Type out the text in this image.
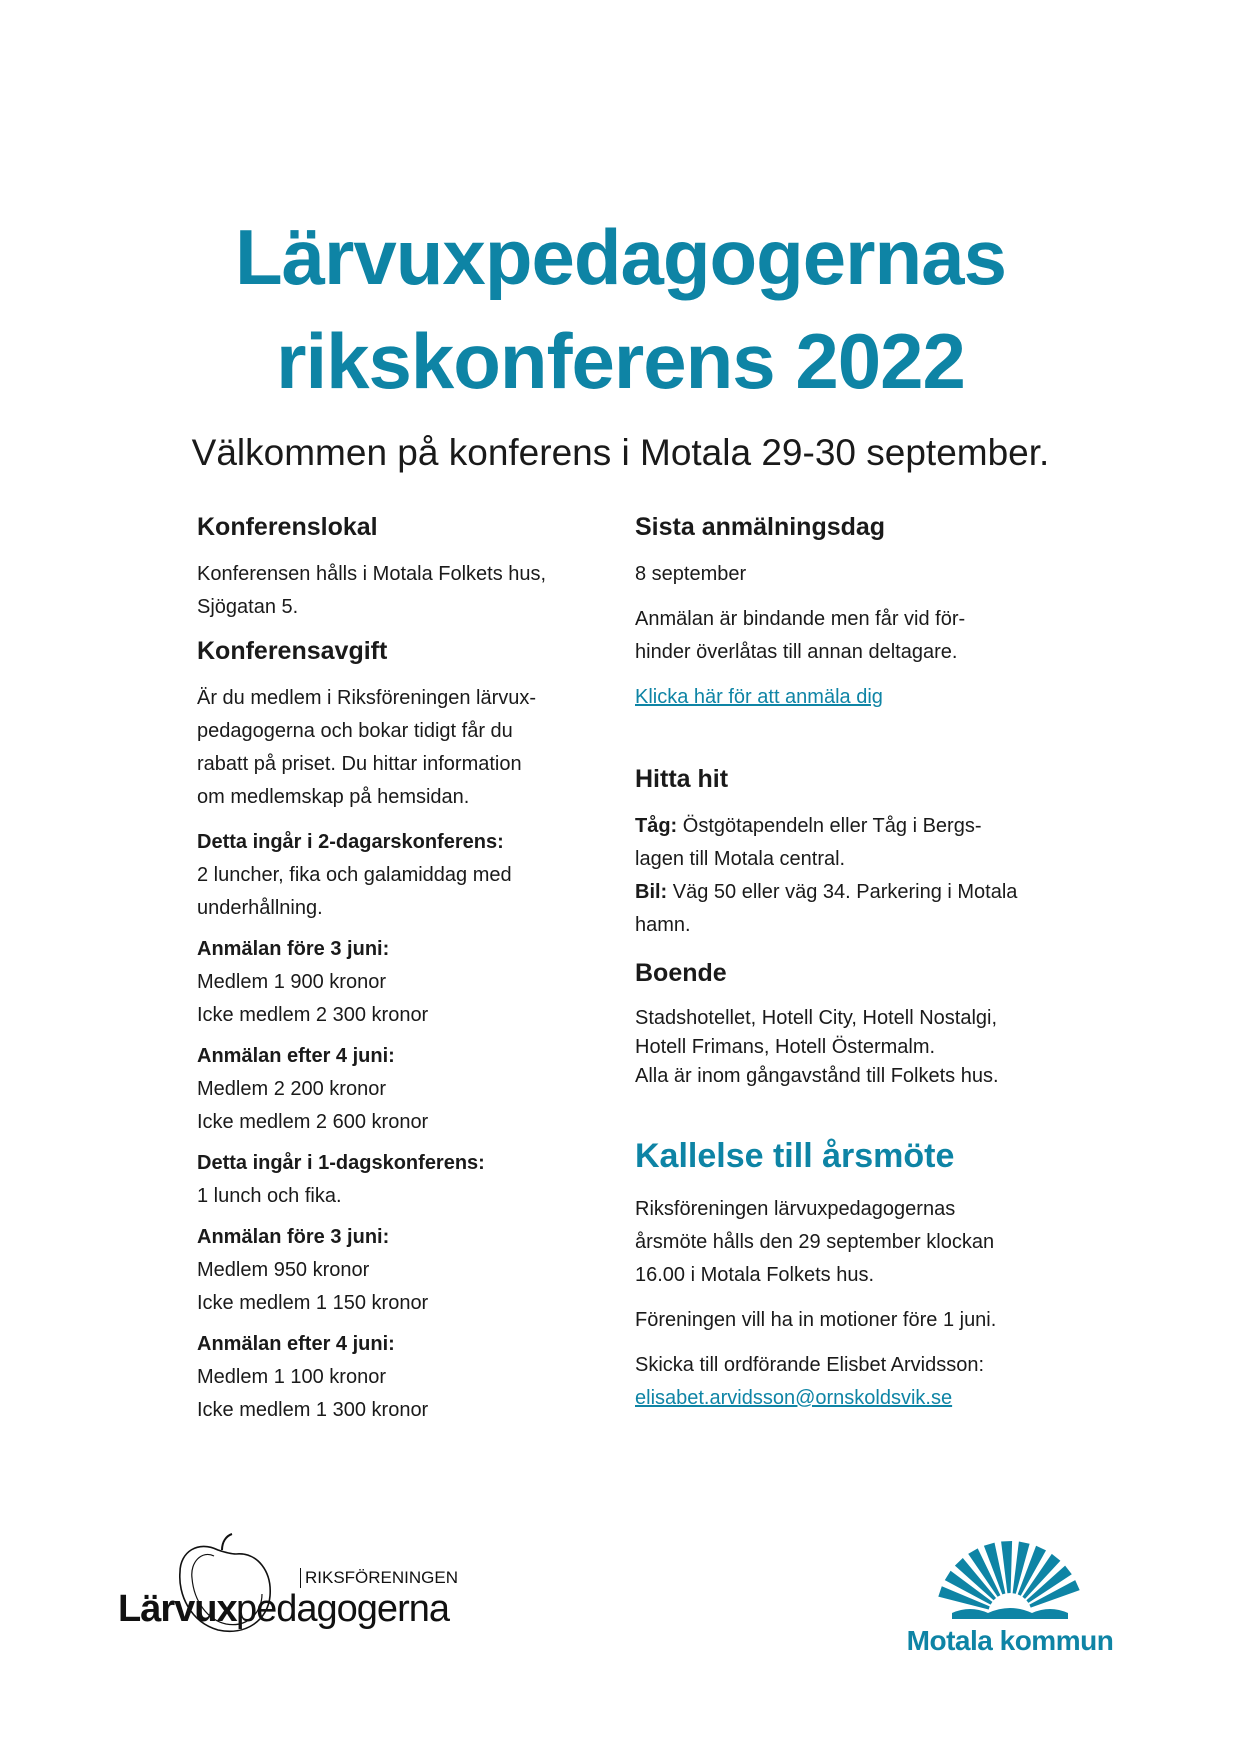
Lärvuxpedagogernas
rikskonferens 2022

Välkommen på konferens i Motala 29-30 september.

Konferenslokal

Konferensen hålls i Motala Folkets hus,

Sjögatan 5.

Konferensavgift

Är du medlem i Riksföreningen lärvux-

pedagogerna och bokar tidigt får du

rabatt på priset. Du hittar information

om medlemskap på hemsidan.

Detta ingår i 2-dagarskonferens:

2 luncher, fika och galamiddag med

underhållning.

Anmälan före 3 juni:

Medlem 1 900 kronor

Icke medlem 2 300 kronor

Anmälan efter 4 juni:

Medlem 2 200 kronor

Icke medlem 2 600 kronor

Detta ingår i 1-dagskonferens:

1 lunch och fika.

Anmälan före 3 juni:

Medlem 950 kronor

Icke medlem 1 150 kronor

Anmälan efter 4 juni:

Medlem 1 100 kronor

Icke medlem 1 300 kronor

Sista anmälningsdag

8 september

Anmälan är bindande men får vid för-

hinder överlåtas till annan deltagare.

Klicka här för att anmäla dig
Hitta hit

Tåg: Östgötapendeln eller Tåg i Bergs-

lagen till Motala central.

Bil: Väg 50 eller väg 34. Parkering i Motala

hamn.

Boende

Stadshotellet, Hotell City, Hotell Nostalgi,

Hotell Frimans, Hotell Östermalm.

Alla är inom gångavstånd till Folkets hus.

Kallelse till årsmöte

Riksföreningen lärvuxpedagogernas

årsmöte hålls den 29 september klockan

16.00 i Motala Folkets hus.

Föreningen vill ha in motioner före 1 juni.

Skicka till ordförande Elisbet Arvidsson:

elisabet.arvidsson@ornskoldsvik.se
RIKSFÖRENINGEN
Lärvux pedagogerna
Motala kommun
